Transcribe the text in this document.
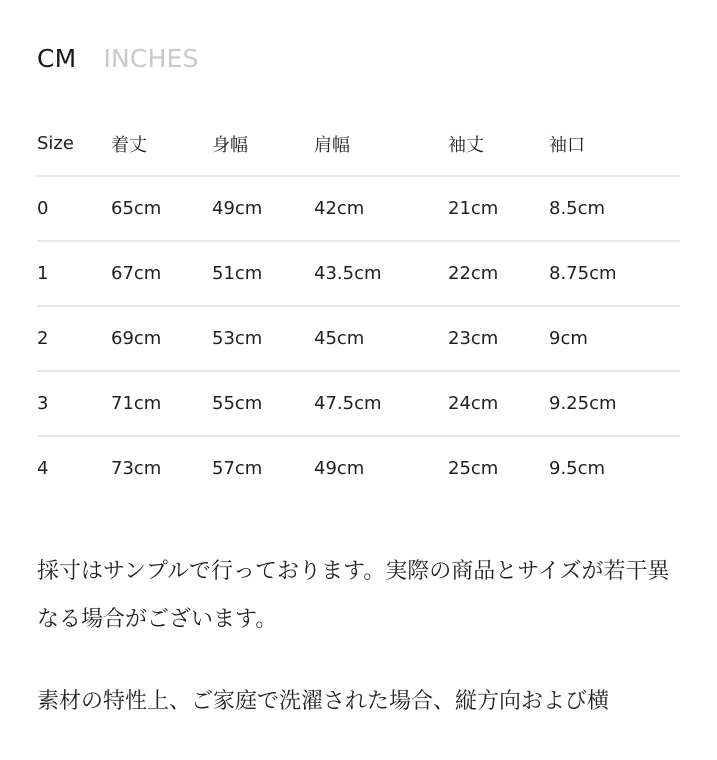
CM INCHES
Size	着丈	身幅	肩幅	袖丈	袖口
0	65cm	49cm	42cm	21cm	8.5cm
1	67cm	51cm	43.5cm	22cm	8.75cm
2	69cm	53cm	45cm	23cm	9cm
3	71cm	55cm	47.5cm	24cm	9.25cm
4	73cm	57cm	49cm	25cm	9.5cm

採寸はサンプルで行っております。実際の商品とサイズが若干異なる場合がございます。

素材の特性上、ご家庭で洗濯された場合、縦方向および横
